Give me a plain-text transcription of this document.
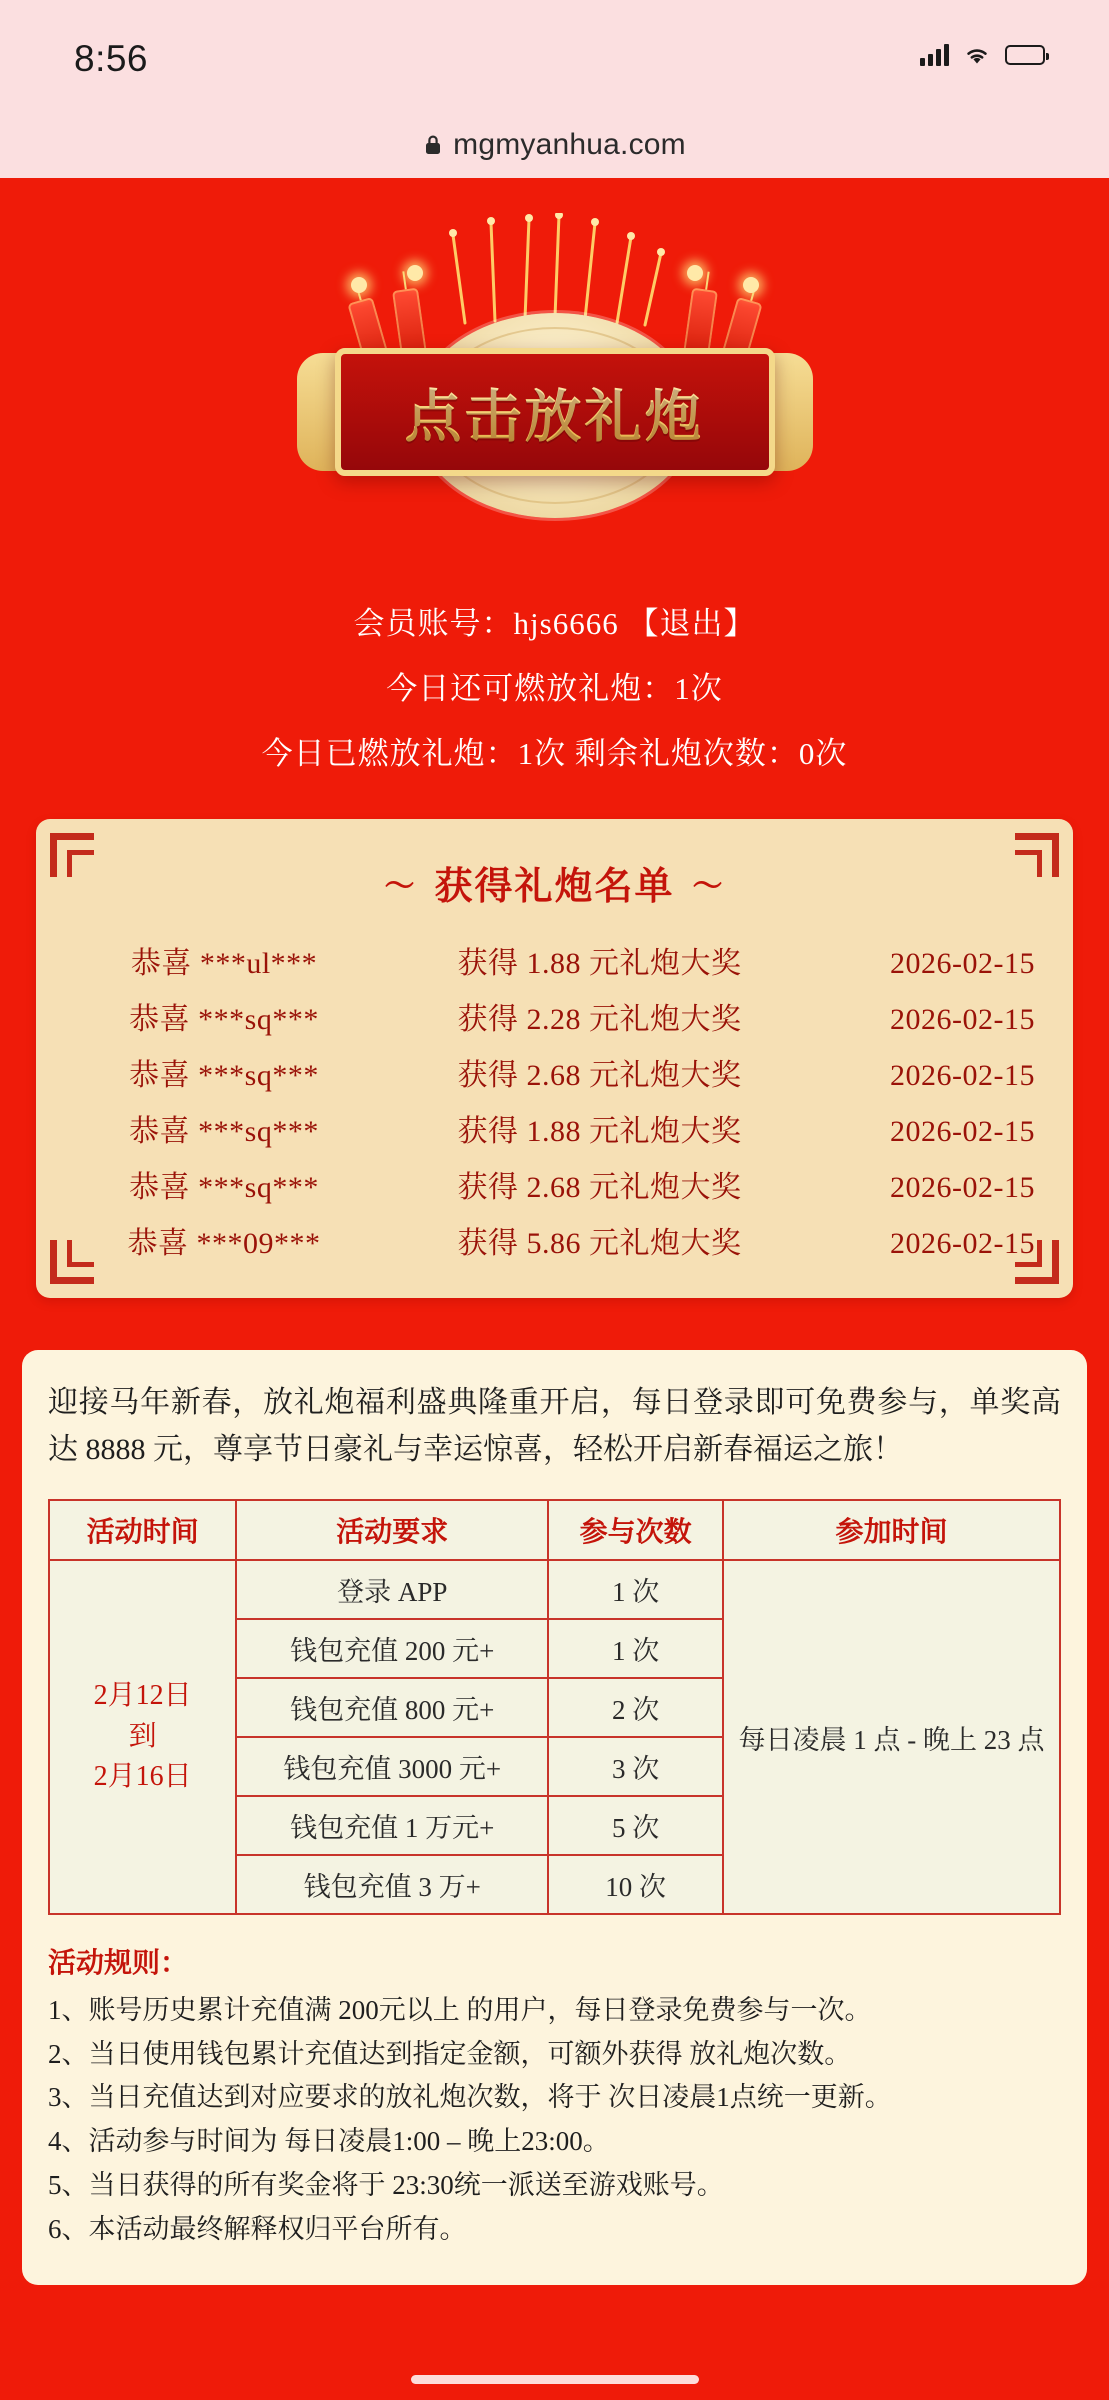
8:56
mgmyanhua.com
点击放礼炮
会员账号：hjs6666 【退出】
今日还可燃放礼炮：1次
今日已燃放礼炮：1次 剩余礼炮次数：0次
〜 获得礼炮名单 〜
恭喜 ***ul***	获得 1.88 元礼炮大奖	2026-02-15
恭喜 ***sq***	获得 2.28 元礼炮大奖	2026-02-15
恭喜 ***sq***	获得 2.68 元礼炮大奖	2026-02-15
恭喜 ***sq***	获得 1.88 元礼炮大奖	2026-02-15
恭喜 ***sq***	获得 2.68 元礼炮大奖	2026-02-15
恭喜 ***09***	获得 5.86 元礼炮大奖	2026-02-15
迎接马年新春，放礼炮福利盛典隆重开启，每日登录即可免费参与，单奖高达 8888 元，尊享节日豪礼与幸运惊喜，轻松开启新春福运之旅！
活动时间	活动要求	参与次数	参加时间

2月12日
到
2月16日	登录 APP	1 次	每日凌晨 1 点 - 晚上 23 点
	钱包充值 200 元+	1 次	
	钱包充值 800 元+	2 次	
	钱包充值 3000 元+	3 次	
	钱包充值 1 万元+	5 次	
	钱包充值 3 万+	10 次	
活动规则：
1、账号历史累计充值满 200元以上 的用户，每日登录免费参与一次。
2、当日使用钱包累计充值达到指定金额，可额外获得 放礼炮次数。
3、当日充值达到对应要求的放礼炮次数，将于 次日凌晨1点统一更新。
4、活动参与时间为 每日凌晨1:00 – 晚上23:00。
5、当日获得的所有奖金将于 23:30统一派送至游戏账号。
6、本活动最终解释权归平台所有。
